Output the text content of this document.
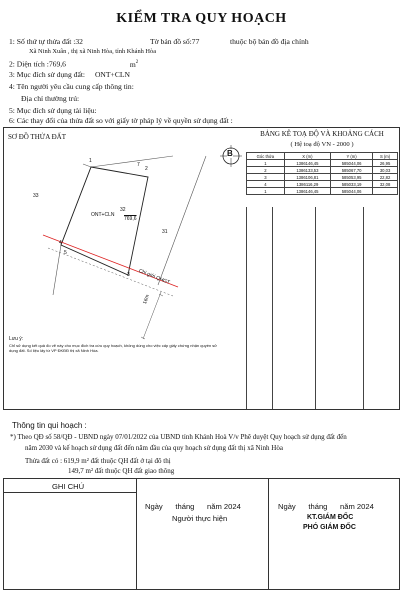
KIỂM TRA QUY HOẠCH
1: Số thứ tự thửa đất :32	Tờ bản đồ số:77	thuộc bộ bản đồ địa chính
Xã Ninh Xuân , thị xã Ninh Hòa, tỉnh Khánh Hòa
2: Diện tích :769,6	$m^2$
3: Mục đích sử dụng đất: ONT+CLN
4: Tên người yêu cầu cung cấp thông tin:
Địa chỉ thường trú:
5: Mục đích sử dụng tài liệu:
6: Các thay đổi của thửa đất so với giấy tờ pháp lý về quyền sử dụng đất :
SƠ ĐỒ THỬA ĐẤT
1
7
2
33
32
ONT+CLN
769,6
31
4
5
3 Chỉ giới QHGT
16m
B
Lưu ý:
Chỉ sử dụng kết quả đo vẽ này cho mục đích tra cứu quy hoạch, không dùng cho việc cấp giấy chứng nhận quyền sử dụng đất. Số liệu lấy từ VP ĐKĐĐ thị xã Ninh Hòa.
BẢNG KÊ TOẠ ĐỘ VÀ KHOẢNG CÁCH
( Hệ toạ độ VN - 2000 )
Góc thửa	X (m)	Y (m)	S (m)
1	1386146,45	585044,06	26,95
2	1386133,53	585067,70	30,03
3	1386106,81	585053,95	22,82
4	1386116,29	585033,19	32,08
1	1386146,45	585044,06	
Thông tin qui hoạch :
*) Theo QĐ số 58/QĐ - UBND ngày 07/01/2022 của UBND tỉnh Khánh Hoà V/v Phê duyệt Quy hoạch sử dụng đất đến
năm 2030 và kế hoạch sử dụng đất đến năm đầu của quy hoạch sử dụng đất thị xã Ninh Hòa
Thửa đất có : 619,9 m² đất thuộc QH đất ở tại đô thị
149,7 m² đất thuộc QH đất giao thông
GHI CHÚ
Ngày      tháng      năm 2024
Người thực hiện
Ngày      tháng      năm 2024
KT.GIÁM ĐỐC
PHÓ GIÁM ĐỐC
